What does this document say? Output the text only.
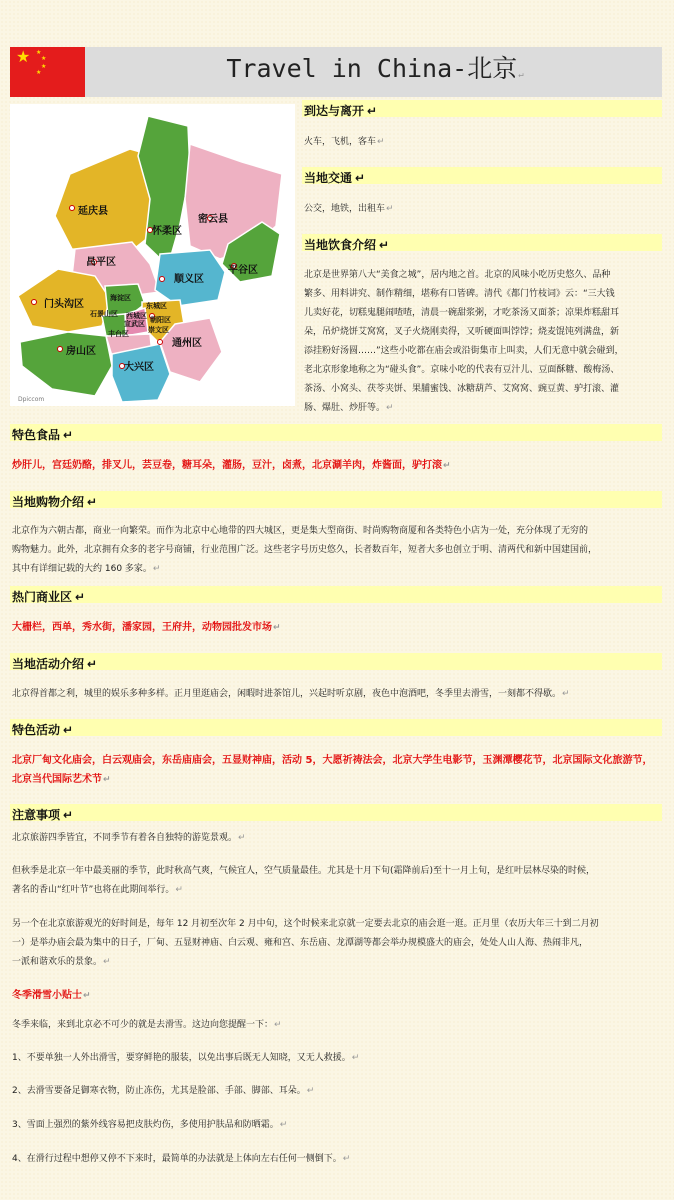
★ ★
★
★
★	Travel in China-北京↵
延庆县
怀柔区
密云县
昌平区
平谷区
顺义区
门头沟区
海淀区
东城区
西城区 朝阳区
石景山区
丰台区
宣武区
崇文区
房山区
通州区
大兴区
Dpiccom
到达与离开 ↵
火车，飞机，客车↵
当地交通 ↵
公交，地铁，出租车↵
当地饮食介绍 ↵
北京是世界第八大“美食之城”，居内地之首。北京的风味小吃历史悠久、品种
繁多、用料讲究、制作精细，堪称有口皆碑。清代《都门竹枝词》云：“三大钱
儿卖好花，切糕鬼腿闹喳喳，清晨一碗甜浆粥，才吃茶汤又面茶；凉果炸糕甜耳
朵，吊炉烧饼艾窝窝，叉子火烧刚卖得，又听硬面叫饽饽；烧麦馄饨列满盘，新
添挂粉好汤圆……”这些小吃都在庙会或沿街集市上叫卖，人们无意中就会碰到，
老北京形象地称之为“碰头食”。京味小吃的代表有豆汁儿、豆面酥糖、酸梅汤、
茶汤、小窝头、茯苓夹饼、果脯蜜饯、冰糖葫芦、艾窝窝、豌豆黄、驴打滚、灌
肠、爆肚、炒肝等。↵
特色食品 ↵
炒肝儿，宫廷奶酪，排叉儿，芸豆卷，糖耳朵，灌肠，豆汁，卤煮，北京涮羊肉，炸酱面，驴打滚↵
当地购物介绍 ↵
北京作为六朝古都，商业一向繁荣。而作为北京中心地带的四大城区，更是集大型商街、时尚购物商厦和各类特色小店为一处，充分体现了无穷的
购物魅力。此外，北京拥有众多的老字号商铺，行业范围广泛。这些老字号历史悠久，长者数百年，短者大多也创立于明、清两代和新中国建国前，
其中有详细记载的大约 160 多家。↵
热门商业区 ↵
大栅栏，西单，秀水街，潘家园，王府井，动物园批发市场↵
当地活动介绍 ↵
北京得首都之利，城里的娱乐多种多样。正月里逛庙会，闲暇时进茶馆儿，兴起时听京剧，夜色中泡酒吧，冬季里去滑雪，一刻都不得歇。↵
特色活动 ↵
北京厂甸文化庙会，白云观庙会，东岳庙庙会，五显财神庙，活动 5，大愿祈祷法会，北京大学生电影节，玉渊潭樱花节，北京国际文化旅游节，
北京当代国际艺术节↵
注意事项 ↵
北京旅游四季皆宜，不同季节有着各自独特的游览景观。↵
但秋季是北京一年中最美丽的季节，此时秋高气爽，气候宜人，空气质量最佳。尤其是十月下旬(霜降前后)至十一月上旬，是红叶层林尽染的时候，
著名的香山“红叶节”也将在此期间举行。↵
另一个在北京旅游观光的好时间是，每年 12 月初至次年 2 月中旬，这个时候来北京就一定要去北京的庙会逛一逛。正月里（农历大年三十到二月初
一）是举办庙会最为集中的日子，厂甸、五显财神庙、白云观、雍和宫、东岳庙、龙潭湖等都会举办规模盛大的庙会，处处人山人海、热闹非凡，
一派和谐欢乐的景象。↵
冬季滑雪小贴士↵
冬季来临，来到北京必不可少的就是去滑雪。这边向您提醒一下：↵
1、不要单独一人外出滑雪，要穿鲜艳的服装，以免出事后既无人知晓，又无人救援。↵
2、去滑雪要备足御寒衣物，防止冻伤，尤其是脸部、手部、脚部、耳朵。↵
3、雪面上强烈的紫外线容易把皮肤灼伤，多使用护肤品和防晒霜。↵
4、在滑行过程中想停又停不下来时，最简单的办法就是上体向左右任何一侧倒下。↵
